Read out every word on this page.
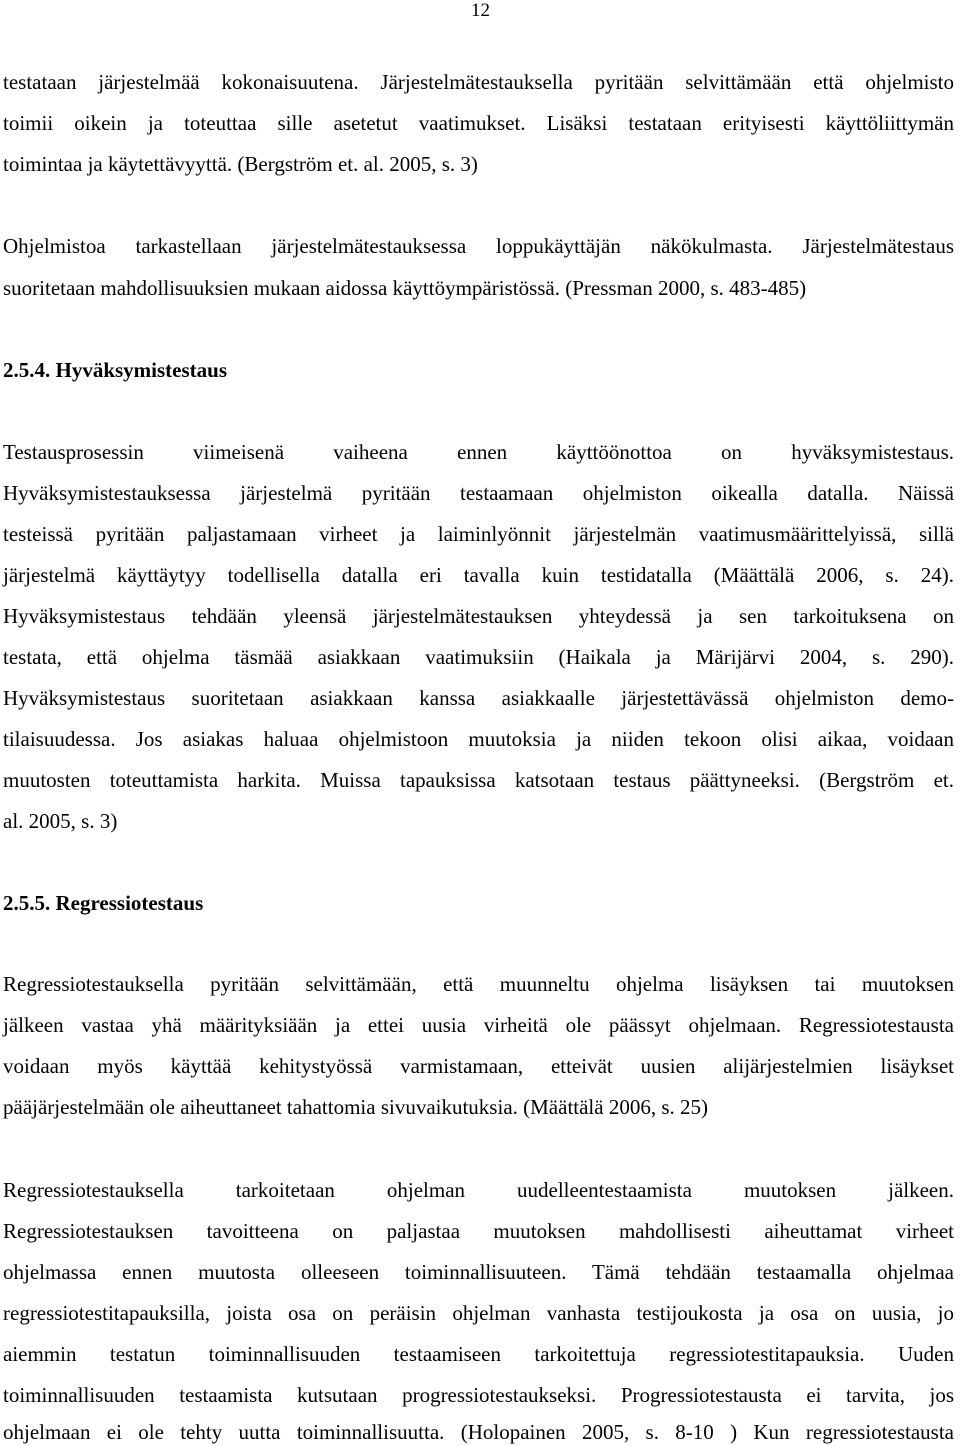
12
testataan järjestelmää kokonaisuutena. Järjestelmätestauksella pyritään selvittämään että ohjelmisto
toimii oikein ja toteuttaa sille asetetut vaatimukset. Lisäksi testataan erityisesti käyttöliittymän
toimintaa ja käytettävyyttä. (Bergström et. al. 2005, s. 3)
Ohjelmistoa tarkastellaan järjestelmätestauksessa loppukäyttäjän näkökulmasta. Järjestelmätestaus
suoritetaan mahdollisuuksien mukaan aidossa käyttöympäristössä. (Pressman 2000, s. 483-485)
2.5.4. Hyväksymistestaus
Testausprosessin viimeisenä vaiheena ennen käyttöönottoa on hyväksymistestaus.
Hyväksymistestauksessa järjestelmä pyritään testaamaan ohjelmiston oikealla datalla. Näissä
testeissä pyritään paljastamaan virheet ja laiminlyönnit järjestelmän vaatimusmäärittelyissä, sillä
järjestelmä käyttäytyy todellisella datalla eri tavalla kuin testidatalla (Määttälä 2006, s. 24).
Hyväksymistestaus tehdään yleensä järjestelmätestauksen yhteydessä ja sen tarkoituksena on
testata, että ohjelma täsmää asiakkaan vaatimuksiin (Haikala ja Märijärvi 2004, s. 290).
Hyväksymistestaus suoritetaan asiakkaan kanssa asiakkaalle järjestettävässä ohjelmiston demo-
tilaisuudessa. Jos asiakas haluaa ohjelmistoon muutoksia ja niiden tekoon olisi aikaa, voidaan
muutosten toteuttamista harkita. Muissa tapauksissa katsotaan testaus päättyneeksi. (Bergström et.
al. 2005, s. 3)
2.5.5. Regressiotestaus
Regressiotestauksella pyritään selvittämään, että muunneltu ohjelma lisäyksen tai muutoksen
jälkeen vastaa yhä määrityksiään ja ettei uusia virheitä ole päässyt ohjelmaan. Regressiotestausta
voidaan myös käyttää kehitystyössä varmistamaan, etteivät uusien alijärjestelmien lisäykset
pääjärjestelmään ole aiheuttaneet tahattomia sivuvaikutuksia. (Määttälä 2006, s. 25)
Regressiotestauksella tarkoitetaan ohjelman uudelleentestaamista muutoksen jälkeen.
Regressiotestauksen tavoitteena on paljastaa muutoksen mahdollisesti aiheuttamat virheet
ohjelmassa ennen muutosta olleeseen toiminnallisuuteen. Tämä tehdään testaamalla ohjelmaa
regressiotestitapauksilla, joista osa on peräisin ohjelman vanhasta testijoukosta ja osa on uusia, jo
aiemmin testatun toiminnallisuuden testaamiseen tarkoitettuja regressiotestitapauksia. Uuden
toiminnallisuuden testaamista kutsutaan progressiotestaukseksi. Progressiotestausta ei tarvita, jos
ohjelmaan ei ole tehty uutta toiminnallisuutta. (Holopainen 2005, s. 8-10 ) Kun regressiotestausta
